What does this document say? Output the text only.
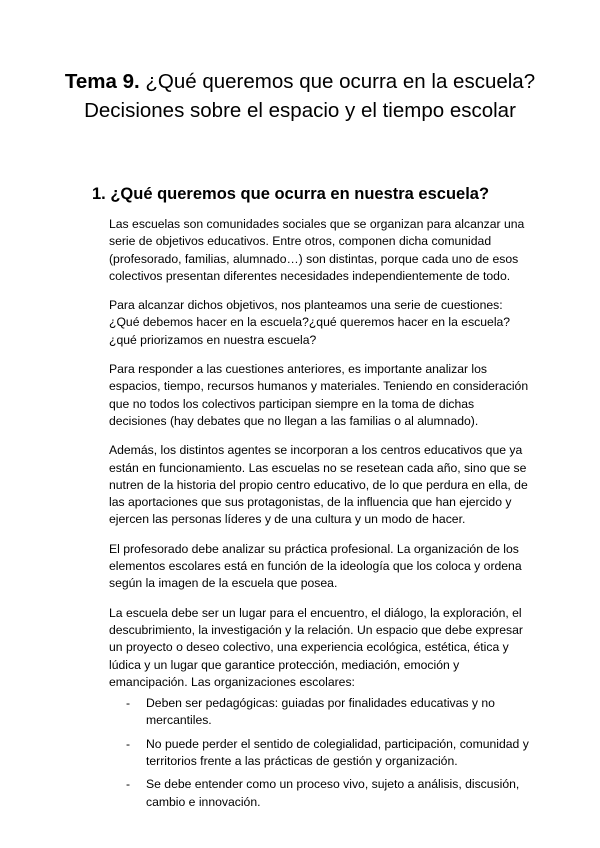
Tema 9. ¿Qué queremos que ocurra en la escuela? Decisiones sobre el espacio y el tiempo escolar
1. ¿Qué queremos que ocurra en nuestra escuela?

Las escuelas son comunidades sociales que se organizan para alcanzar una serie de objetivos educativos. Entre otros, componen dicha comunidad (profesorado, familias, alumnado…) son distintas, porque cada uno de esos colectivos presentan diferentes necesidades independientemente de todo.

Para alcanzar dichos objetivos, nos planteamos una serie de cuestiones: ¿Qué debemos hacer en la escuela?¿qué queremos hacer en la escuela?¿qué priorizamos en nuestra escuela?

Para responder a las cuestiones anteriores, es importante analizar los espacios, tiempo, recursos humanos y materiales. Teniendo en consideración que no todos los colectivos participan siempre en la toma de dichas decisiones (hay debates que no llegan a las familias o al alumnado).

Además, los distintos agentes se incorporan a los centros educativos que ya están en funcionamiento. Las escuelas no se resetean cada año, sino que se nutren de la historia del propio centro educativo, de lo que perdura en ella, de las aportaciones que sus protagonistas, de la influencia que han ejercido y ejercen las personas líderes y de una cultura y un modo de hacer.

El profesorado debe analizar su práctica profesional. La organización de los elementos escolares está en función de la ideología que los coloca y ordena según la imagen de la escuela que posea.

La escuela debe ser un lugar para el encuentro, el diálogo, la exploración, el descubrimiento, la investigación y la relación. Un espacio que debe expresar un proyecto o deseo colectivo, una experiencia ecológica, estética, ética y lúdica y un lugar que garantice protección, mediación, emoción y emancipación. Las organizaciones escolares:

- Deben ser pedagógicas: guiadas por finalidades educativas y no mercantiles.
- No puede perder el sentido de colegialidad, participación, comunidad y territorios frente a las prácticas de gestión y organización.
- Se debe entender como un proceso vivo, sujeto a análisis, discusión, cambio e innovación.
